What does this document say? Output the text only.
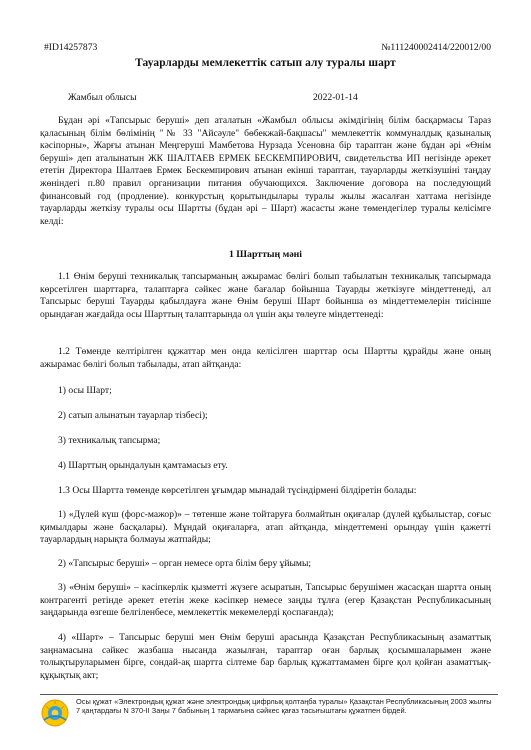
#ID14257873	№111240002414/220012/00
Тауарларды мемлекеттік сатып алу туралы шарт
Жамбыл облысы	2022-01-14

Бұдан әрі «Тапсырыс беруші» деп аталатын «Жамбыл облысы әкімдігінің білім басқармасы Тараз қаласының білім бөлімінің "№ 33 "Айсәуле" бөбекжай-бақшасы" мемлекеттік коммуналдық қазыналық кәсіпорны», Жарғы атынан Меңгеруші Мамбетова Нурзада Усеновна бір тараптан және бұдан әрі «Өнім беруші» деп аталынатын ЖК ШАЛТАЕВ ЕРМЕК БЕСКЕМПИРОВИЧ, свидетельства ИП негізінде әрекет ететін Директора Шалтаев Ермек Бескемпирович атынан екінші тараптан, тауарларды жеткізушіні таңдау жөніндегі п.80 правил организации питания обучающихся. Заключение договора на последующий финансовый год (продление). конкурстың қорытындылары туралы жылы жасалған хаттама негізінде тауарларды жеткізу туралы осы Шартты (бұдан әрі – Шарт) жасасты және төмендегілер туралы келісімге келді:

1 Шарттың мәні

1.1 Өнім беруші техникалық тапсырманың ажырамас бөлігі болып табылатын техникалық тапсырмада көрсетілген шарттарға, талаптарға сәйкес және бағалар бойынша Тауарды жеткізуге міндеттенеді, ал Тапсырыс беруші Тауарды қабылдауға және Өнім беруші Шарт бойынша өз міндеттемелерін тиісінше орындаған жағдайда осы Шарттың талаптарында ол үшін ақы төлеуге міндеттенеді:

1.2 Төменде келтірілген құжаттар мен онда келісілген шарттар осы Шартты құрайды және оның ажырамас бөлігі болып табылады, атап айтқанда:

1) осы Шарт;

2) сатып алынатын тауарлар тізбесі);

3) техникалық тапсырма;

4) Шарттың орындалуын қамтамасыз ету.

1.3 Осы Шартта төменде көрсетілген ұғымдар мынадай түсіндірмені білдіретін болады:

1) «Дүлей күш (форс-мажор)» – төтенше және тойтаруға болмайтын оқиғалар (дүлей құбылыстар, соғыс қимылдары және басқалары). Мұндай оқиғаларға, атап айтқанда, міндеттемені орындау үшін қажетті тауарлардың нарықта болмауы жатпайды;

2) «Тапсырыс беруші» – орган немесе орта білім беру ұйымы;

3) «Өнім беруші» – кәсіпкерлік қызметті жүзеге асыратын, Тапсырыс берушімен жасасқан шартта оның контрагенті ретінде әрекет ететін жеке кәсіпкер немесе заңды тұлға (егер Қазақстан Республикасының заңдарында өзгеше белгіленбесе, мемлекеттік мекемелерді қоспағанда);

4) «Шарт» – Тапсырыс беруші мен Өнім беруші арасында Қазақстан Республикасының азаматтық заңнамасына сәйкес жазбаша нысанда жазылған, тараптар оған барлық қосымшаларымен және толықтыруларымен бірге, сондай-ақ шартта сілтеме бар барлық құжаттамамен бірге қол қойған азаматтық-құқықтық акт;

Осы құжат «Электрондық құжат және электрондық цифрлық қолтаңба туралы» Қазақстан Республикасының 2003 жылғы 7 қаңтардағы N 370-II Заңы 7 бабының 1 тармағына сәйкес қағаз тасығыштағы құжатпен бірдей.
